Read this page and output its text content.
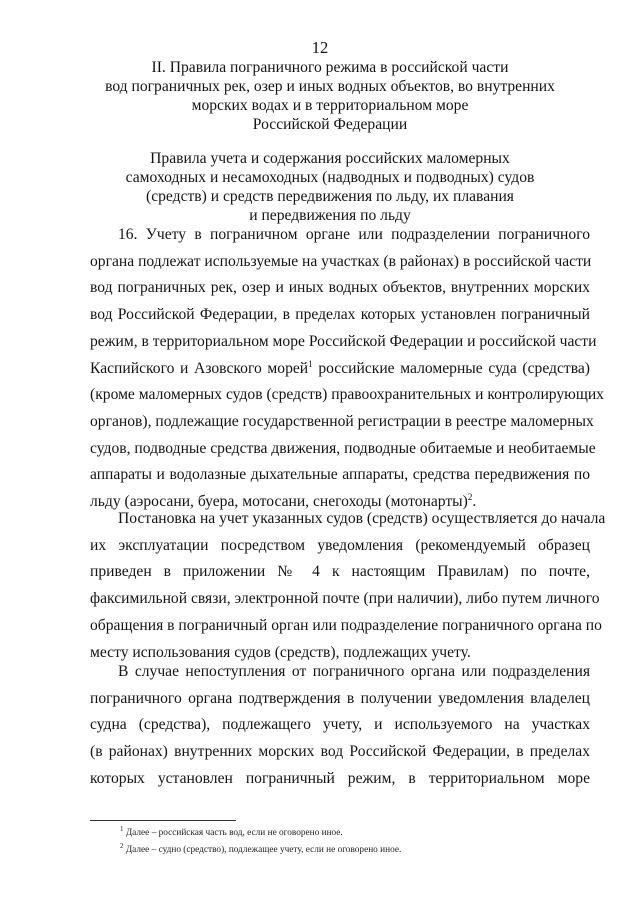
12
II. Правила пограничного режима в российской части
вод пограничных рек, озер и иных водных объектов, во внутренних
морских водах и в территориальном море
Российской Федерации
Правила учета и содержания российских маломерных
самоходных и несамоходных (надводных и подводных) судов
(средств) и средств передвижения по льду, их плавания
и передвижения по льду
16. Учету в пограничном органе или подразделении пограничного
органа подлежат используемые на участках (в районах) в российской части
вод пограничных рек, озер и иных водных объектов, внутренних морских
вод Российской Федерации, в пределах которых установлен пограничный
режим, в территориальном море Российской Федерации и российской части
Каспийского и Азовского морей$^1$ российские маломерные суда (средства)
(кроме маломерных судов (средств) правоохранительных и контролирующих
органов), подлежащие государственной регистрации в реестре маломерных
судов, подводные средства движения, подводные обитаемые и необитаемые
аппараты и водолазные дыхательные аппараты, средства передвижения по
льду (аэросани, буера, мотосани, снегоходы (мотонарты)$^2$.
Постановка на учет указанных судов (средств) осуществляется до начала
их эксплуатации посредством уведомления (рекомендуемый образец
приведен в приложении № 4 к настоящим Правилам) по почте,
факсимильной связи, электронной почте (при наличии), либо путем личного
обращения в пограничный орган или подразделение пограничного органа по
месту использования судов (средств), подлежащих учету.
В случае непоступления от пограничного органа или подразделения
пограничного органа подтверждения в получении уведомления владелец
судна (средства), подлежащего учету, и используемого на участках
(в районах) внутренних морских вод Российской Федерации, в пределах
которых установлен пограничный режим, в территориальном море
$^1$ Далее – российская часть вод, если не оговорено иное.
$^2$ Далее – судно (средство), подлежащее учету, если не оговорено иное.
